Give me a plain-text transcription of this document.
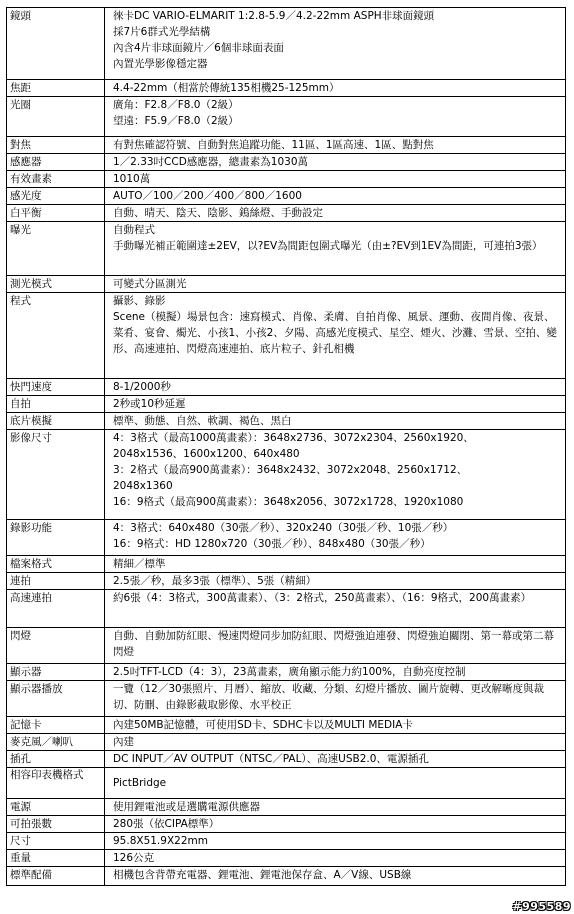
鏡頭	徠卡DC VARIO-ELMARIT 1:2.8-5.9／4.2-22mm ASPH非球面鏡頭
採7片6群式光學結構
內含4片非球面鏡片／6個非球面表面
內置光學影像穩定器

焦距	4.4-22mm（相當於傳統135相機25-125mm）

光圈	廣角：F2.8／F8.0（2級）
望遠：F5.9／F8.0（2級）

對焦	有對焦確認符號、自動對焦追蹤功能、11區、1區高速、1區、點對焦

感應器	1／2.33吋CCD感應器，總畫素為1030萬

有效畫素	1010萬

感光度	AUTO／100／200／400／800／1600

白平衡	自動、晴天、陰天、陰影、鎢絲燈、手動設定

曝光	自動程式
手動曝光補正範圍達±2EV，以?EV為間距包圍式曝光（由±?EV到1EV為間距，可連拍3張）

測光模式	可變式分區測光

程式	攝影、錄影
Scene（模擬）場景包含：速寫模式、肖像、柔膚、自拍肖像、風景、運動、夜間肖像、夜景、菜肴、宴會、燭光、小孩1、小孩2、夕陽、高感光度模式、星空、煙火、沙灘、雪景、空拍、變形、高速連拍、閃燈高速連拍、底片粒子、針孔相機

快門速度	8-1/2000秒

自拍	2秒或10秒延遲

底片模擬	標準、動態、自然、軟調、褐色、黑白

影像尺寸	4：3格式（最高1000萬畫素）：3648x2736、3072x2304、2560x1920、
2048x1536、1600x1200、640x480
3：2格式（最高900萬畫素）：3648x2432、3072x2048、2560x1712、
2048x1360
16：9格式（最高900萬畫素）：3648x2056、3072x1728、1920x1080

錄影功能	4：3格式：640x480（30張／秒）、320x240（30張／秒、10張／秒）
16：9格式：HD 1280x720（30張／秒）、848x480（30張／秒）

檔案格式	精細／標準

連拍	2.5張／秒，最多3張（標準）、5張（精細）

高速連拍	約6張（4：3格式，300萬畫素）、（3：2格式，250萬畫素）、（16：9格式，200萬畫素）

閃燈	自動、自動加防紅眼、慢速閃燈同步加防紅眼、閃燈強迫連發、閃燈強迫關閉、第一幕或第二幕閃燈

顯示器	2.5吋TFT-LCD（4：3），23萬畫素，廣角顯示能力約100%，自動亮度控制

顯示器播放	一覽（12／30張照片、月曆）、縮放、收藏、分類、幻燈片播放、圖片旋轉、更改解晰度與裁切、防刪、由錄影截取影像、水平校正

記憶卡	內建50MB記憶體，可使用SD卡、SDHC卡以及MULTI MEDIA卡

麥克風／喇叭	內建

插孔	DC INPUT／AV OUTPUT（NTSC／PAL）、高速USB2.0、電源插孔

相容印表機格式	PictBridge

電源	使用鋰電池或是選購電源供應器

可拍張數	280張（依CIPA標準）

尺寸	95.8X51.9X22mm

重量	126公克

標準配備	相機包含背帶充電器、鋰電池、鋰電池保存盒、A／V線、USB線
#995589
